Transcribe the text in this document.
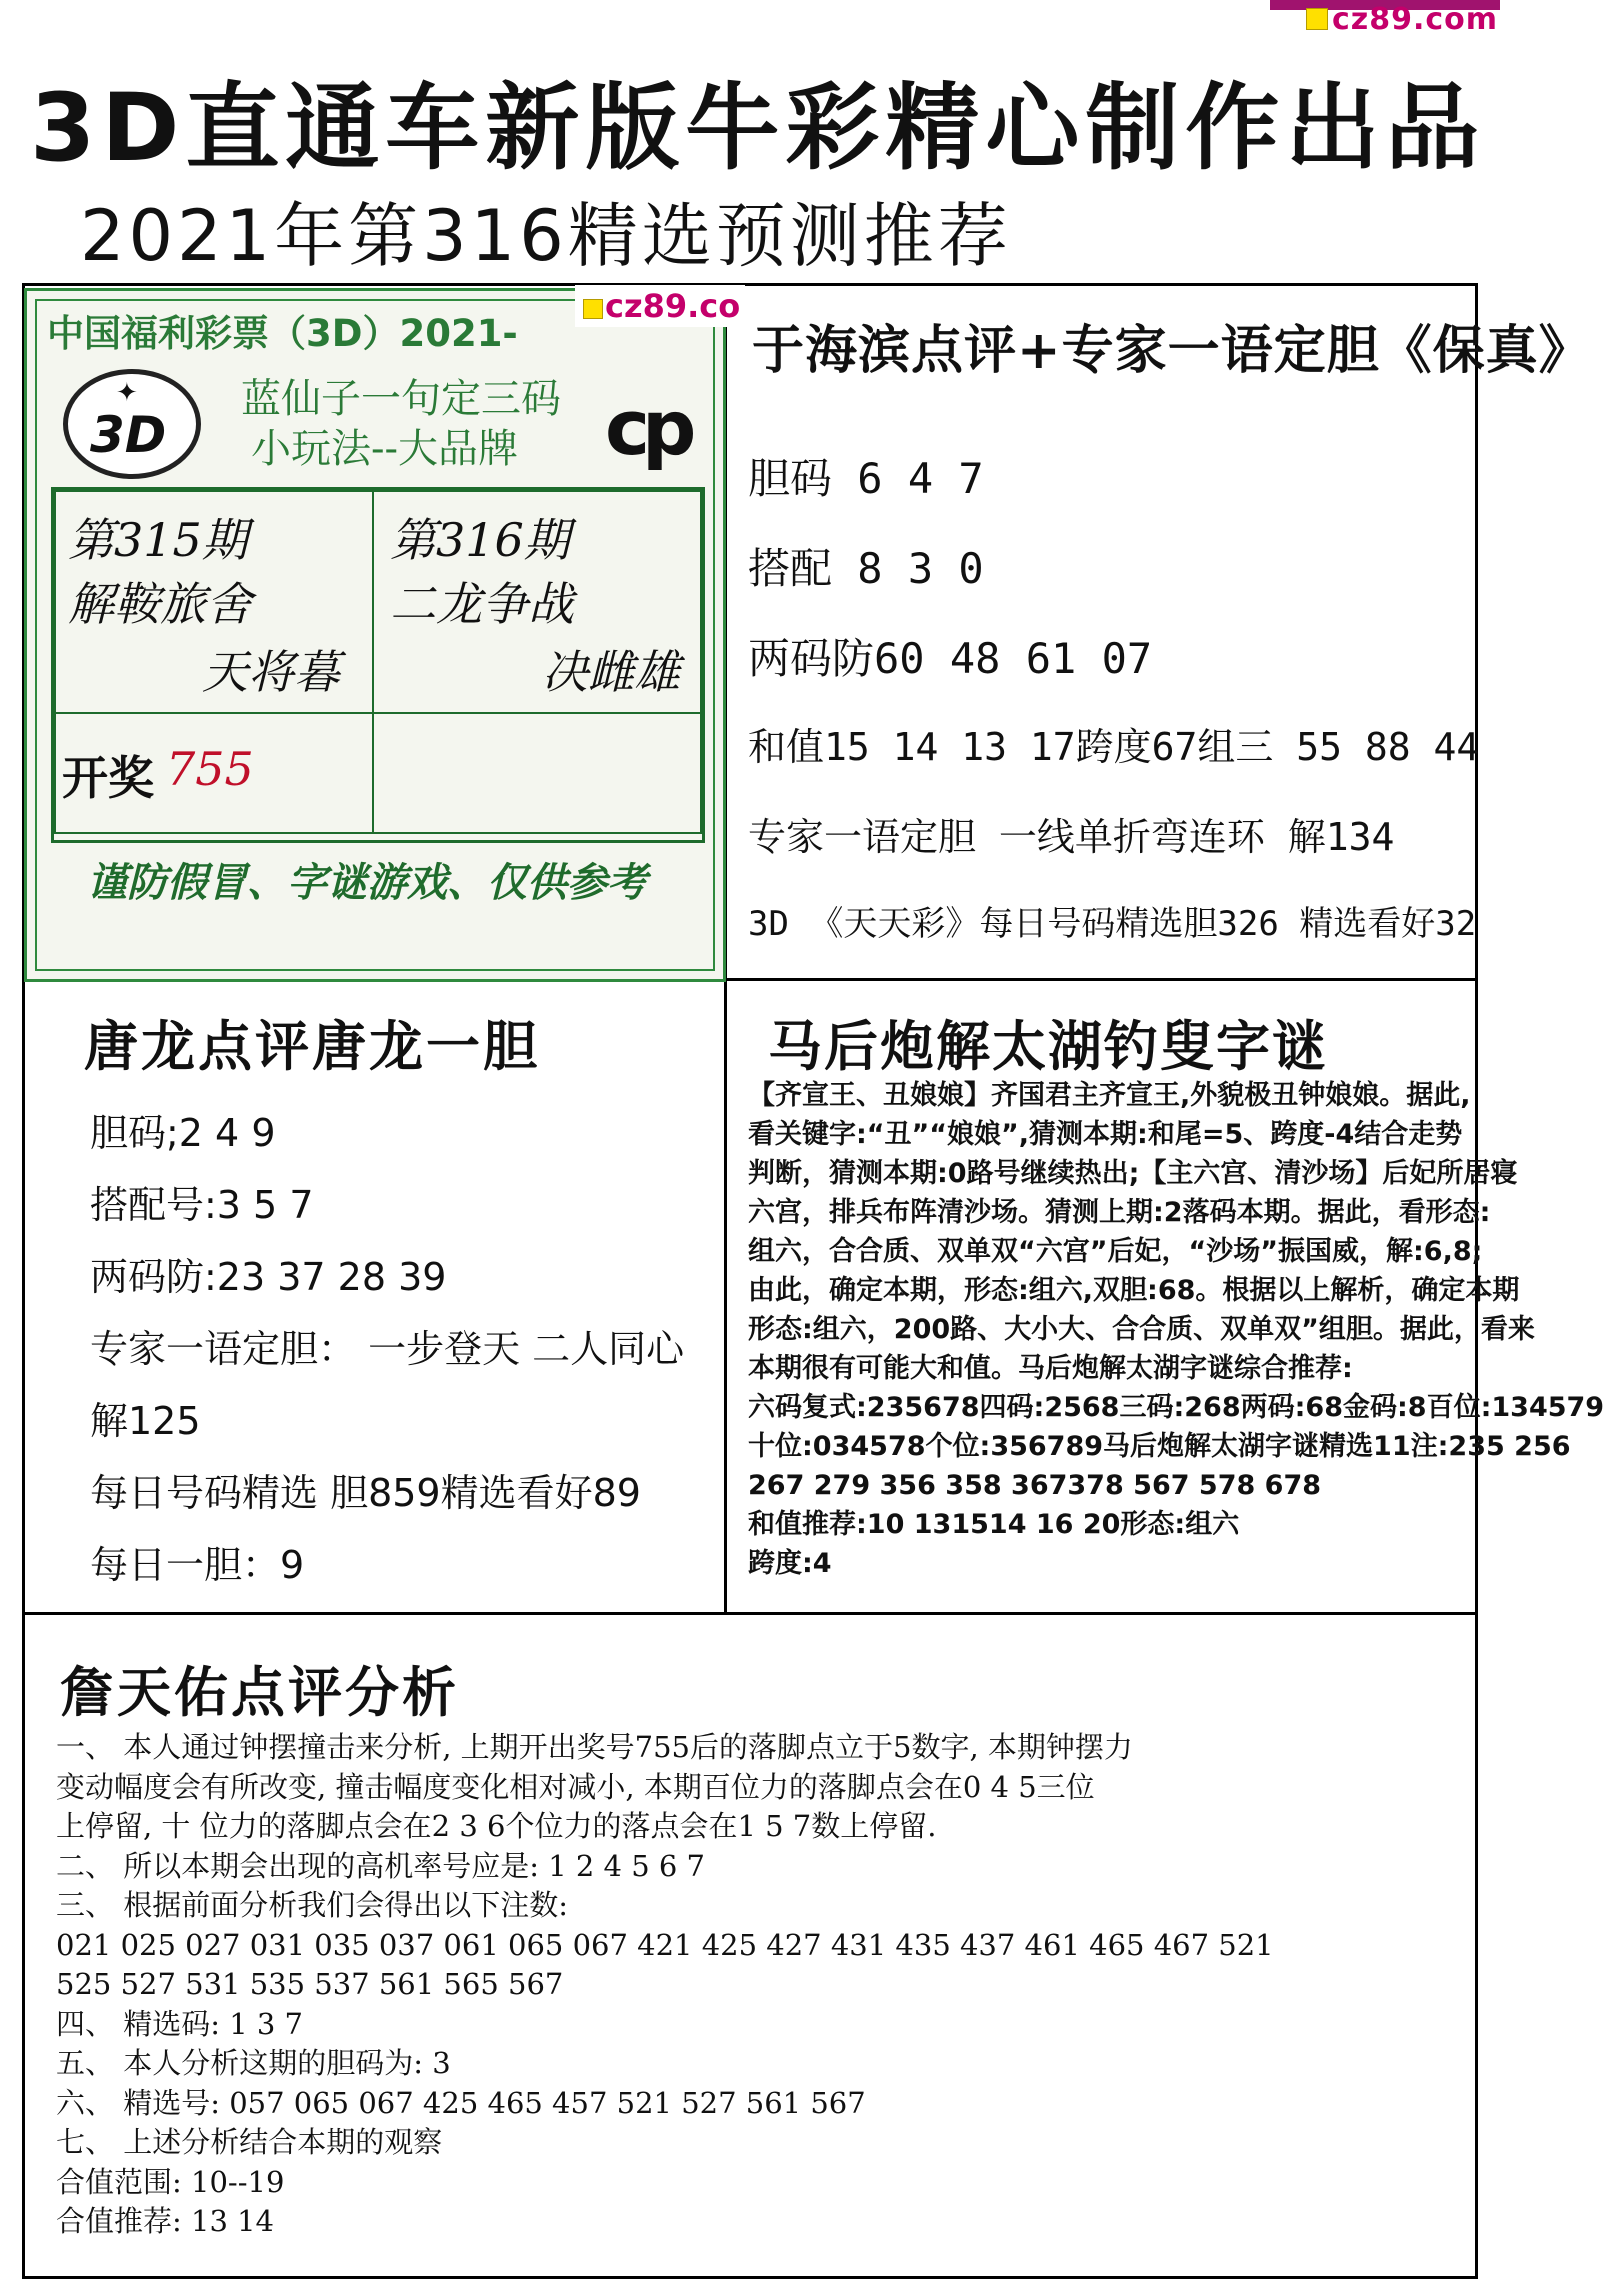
cz89.com
3D直通车新版牛彩精心制作出品
2021年第316精选预测推荐
中国福利彩票（3D）2021-
cz89.co
✦
3D	cp
蓝仙子一句定三码
小玩法--大品牌
第315期
解鞍旅舍
天将暮
第316期
二龙争战
决雌雄
开奖 755
谨防假冒、字谜游戏、仅供参考
于海滨点评+专家一语定胆《保真》
胆码 6 4 7
搭配 8 3 0
两码防60 48 61 07
和值15 14 13 17跨度67组三 55 88 44
专家一语定胆 一线单折弯连环 解134
3D 《天天彩》每日号码精选胆326 精选看好32
唐龙点评唐龙一胆
胆码;2 4 9
搭配号:3 5 7
两码防:23 37 28 39
专家一语定胆： 一步登天 二人同心
解125
每日号码精选 胆859精选看好89
每日一胆：9
马后炮解太湖钓叟字谜
【齐宣王、丑娘娘】齐国君主齐宣王,外貌极丑钟娘娘。据此,
看关键字:“丑”“娘娘”,猜测本期:和尾=5、跨度-4结合走势
判断，猜测本期:0路号继续热出;【主六宫、清沙场】后妃所居寝
六宫，排兵布阵清沙场。猜测上期:2落码本期。据此，看形态:
组六，合合质、双单双“六宫”后妃，“沙场”振国威，解:6,8;
由此，确定本期，形态:组六,双胆:68。根据以上解析，确定本期
形态:组六，200路、大小大、合合质、双单双”组胆。据此，看来
本期很有可能大和值。马后炮解太湖字谜综合推荐:
六码复式:235678四码:2568三码:268两码:68金码:8百位:134579
十位:034578个位:356789马后炮解太湖字谜精选11注:235 256
267 279 356 358 367378 567 578 678
和值推荐:10 131514 16 20形态:组六
跨度:4
詹天佑点评分析
一、 本人通过钟摆撞击来分析, 上期开出奖号755后的落脚点立于5数字, 本期钟摆力
变动幅度会有所改变, 撞击幅度变化相对减小, 本期百位力的落脚点会在0 4 5三位
上停留, 十 位力的落脚点会在2 3 6个位力的落点会在1 5 7数上停留.
二、 所以本期会出现的高机率号应是: 1 2 4 5 6 7
三、 根据前面分析我们会得出以下注数:
021 025 027 031 035 037 061 065 067 421 425 427 431 435 437 461 465 467 521
525 527 531 535 537 561 565 567
四、 精选码: 1 3 7
五、 本人分析这期的胆码为: 3
六、 精选号: 057 065 067 425 465 457 521 527 561 567
七、 上述分析结合本期的观察
合值范围: 10--19
合值推荐: 13 14
